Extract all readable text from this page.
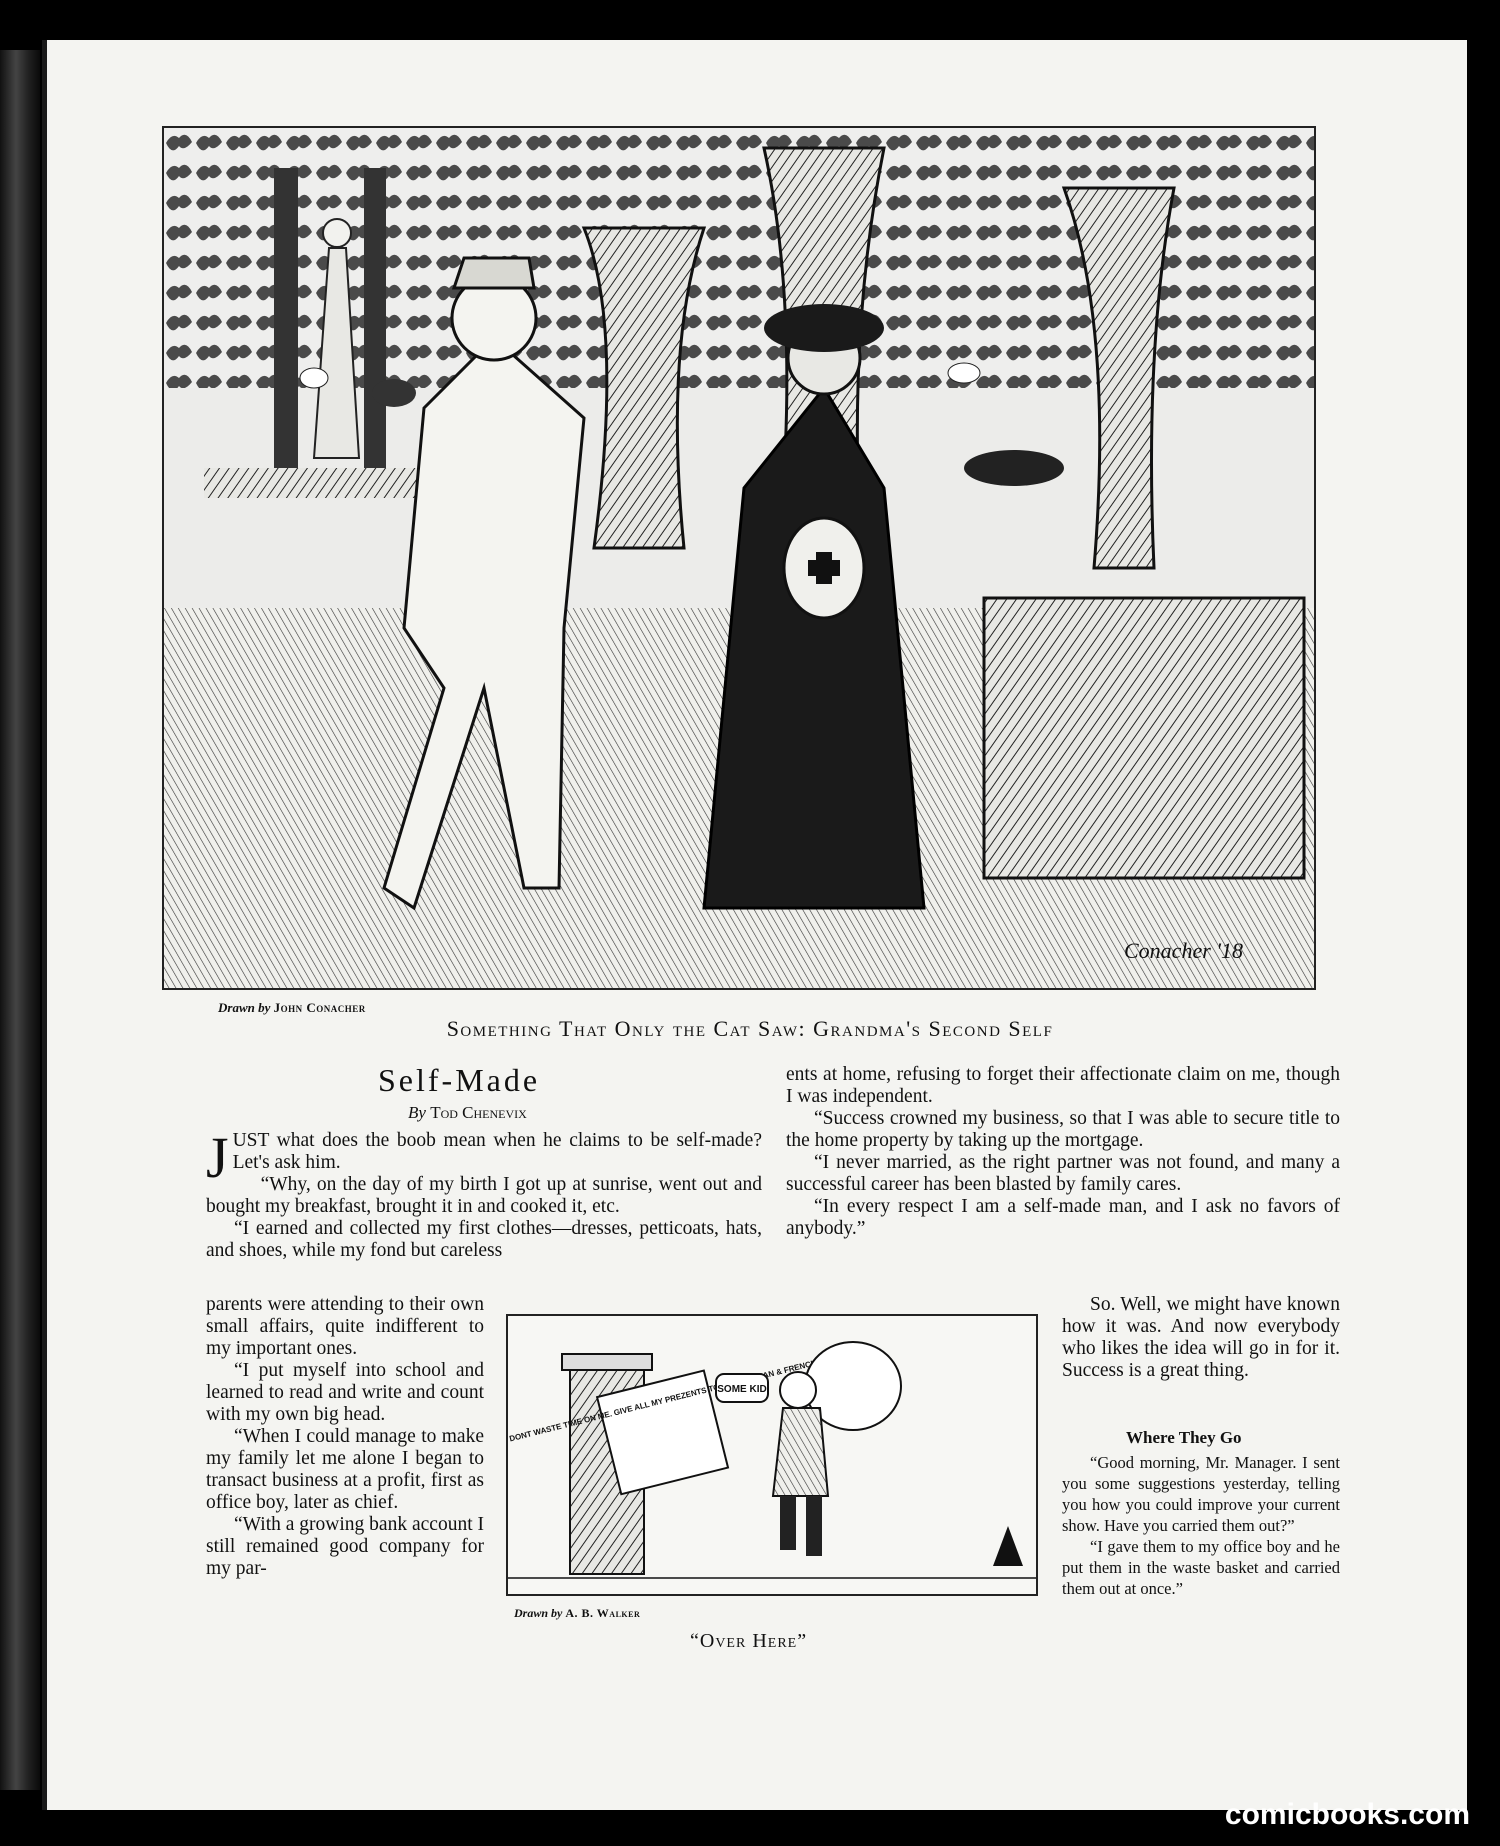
Conacher '18
Drawn by John Conacher
Something That Only the Cat Saw: Grandma's Second Self
Self-Made
By Tod Chenevix

JUST what does the boob mean when he claims to be self-made? Let's ask him.

“Why, on the day of my birth I got up at sunrise, went out and bought my breakfast, brought it in and cooked it, etc.

“I earned and collected my first clothes—dresses, petticoats, hats, and shoes, while my fond but careless

parents were attending to their own small affairs, quite indifferent to my important ones.

“I put myself into school and learned to read and write and count with my own big head.

“When I could manage to make my family let me alone I began to transact business at a profit, first as office boy, later as chief.

“With a growing bank account I still remained good company for my par-

ents at home, refusing to forget their affectionate claim on me, though I was independent.

“Success crowned my business, so that I was able to secure title to the home property by taking up the mortgage.

“I never married, as the right partner was not found, and many a successful career has been blasted by family cares.

“In every respect I am a self-made man, and I ask no favors of anybody.”

So. Well, we might have known how it was. And now everybody who likes the idea will go in for it. Success is a great thing.

DONT WASTE TIME ON ME. GIVE ALL MY PREZENTS TO & FRENCH
SOME KID
Drawn by A. B. Walker
“Over Here”
Where They Go

“Good morning, Mr. Manager. I sent you some suggestions yesterday, telling you how you could improve your current show. Have you carried them out?”

“I gave them to my office boy and he put them in the waste basket and carried them out at once.”

comicbooks.com
